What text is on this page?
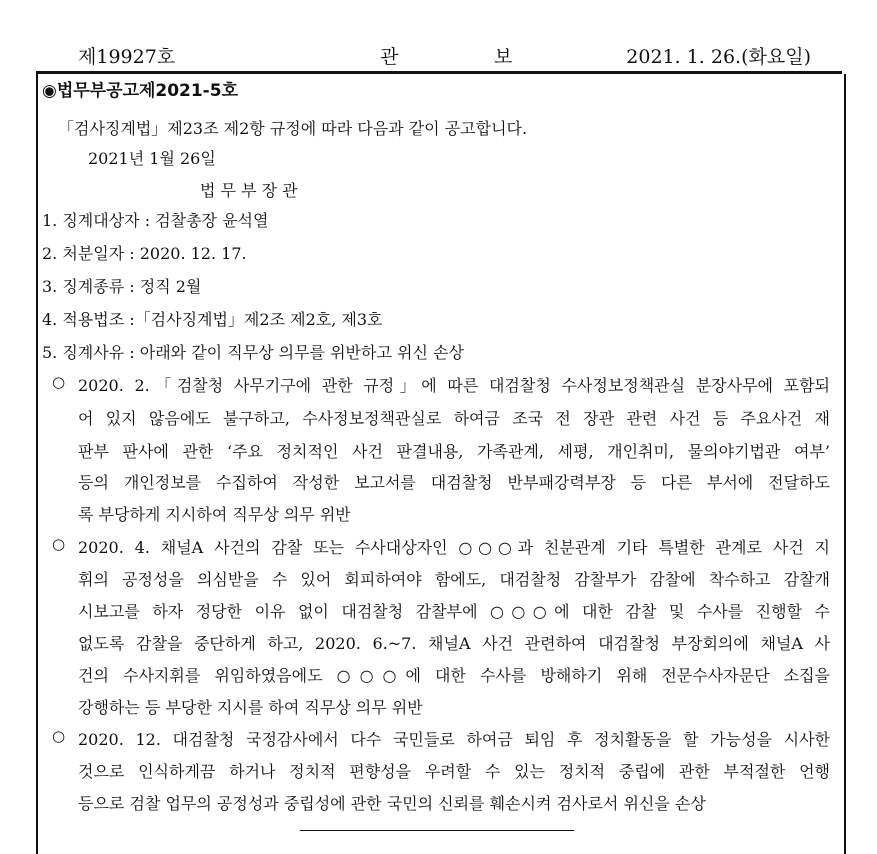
제19927호	관	보	2021. 1. 26.(화요일)
◉법무부공고제2021-5호
「검사징계법」제23조 제2항 규정에 따라 다음과 같이 공고합니다.
2021년 1월 26일
법 무 부 장 관
1. 징계대상자 : 검찰총장 윤석열
2. 처분일자 : 2020. 12. 17.
3. 징계종류 : 정직 2월
4. 적용법조 :「검사징계법」제2조 제2호, 제3호
5. 징계사유 : 아래와 같이 직무상 의무를 위반하고 위신 손상
○ 2020. 2.「검찰청 사무기구에 관한 규정」에 따른 대검찰청 수사정보정책관실 분장사무에 포함되
어 있지 않음에도 불구하고, 수사정보정책관실로 하여금 조국 전 장관 관련 사건 등 주요사건 재
판부 판사에 관한 ‘주요 정치적인 사건 판결내용, 가족관계, 세평, 개인취미, 물의야기법관 여부’
등의 개인정보를 수집하여 작성한 보고서를 대검찰청 반부패강력부장 등 다른 부서에 전달하도
록 부당하게 지시하여 직무상 의무 위반
○ 2020. 4. 채널A 사건의 감찰 또는 수사대상자인 ○○○과 친분관계 기타 특별한 관계로 사건 지
휘의 공정성을 의심받을 수 있어 회피하여야 함에도, 대검찰청 감찰부가 감찰에 착수하고 감찰개
시보고를 하자 정당한 이유 없이 대검찰청 감찰부에 ○○○에 대한 감찰 및 수사를 진행할 수
없도록 감찰을 중단하게 하고, 2020. 6.~7. 채널A 사건 관련하여 대검찰청 부장회의에 채널A 사
건의 수사지휘를 위임하였음에도 ○○○에 대한 수사를 방해하기 위해 전문수사자문단 소집을
강행하는 등 부당한 지시를 하여 직무상 의무 위반
○ 2020. 12. 대검찰청 국정감사에서 다수 국민들로 하여금 퇴임 후 정치활동을 할 가능성을 시사한
것으로 인식하게끔 하거나 정치적 편향성을 우려할 수 있는 정치적 중립에 관한 부적절한 언행
등으로 검찰 업무의 공정성과 중립성에 관한 국민의 신뢰를 훼손시켜 검사로서 위신을 손상
